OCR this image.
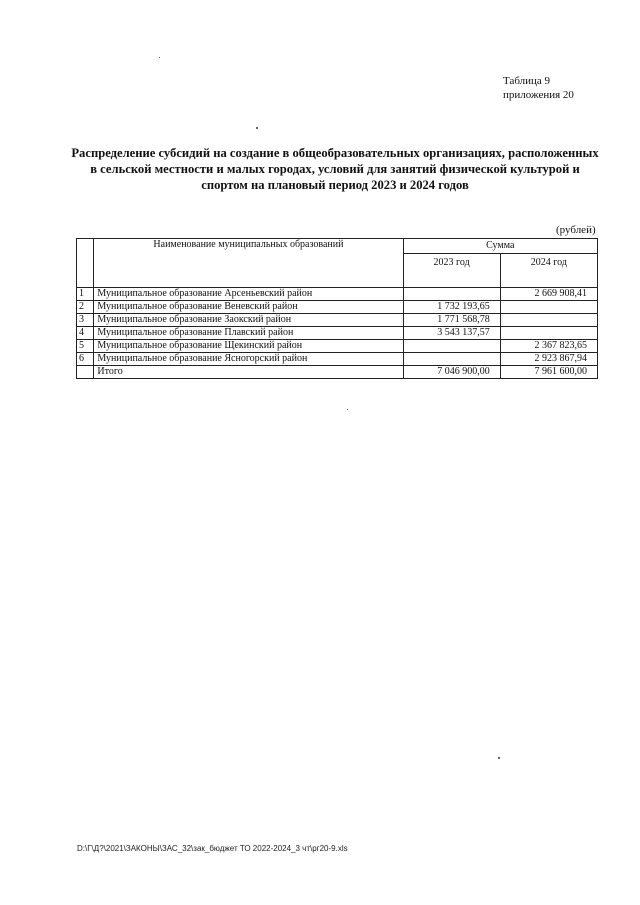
Таблица 9
приложения 20
Распределение субсидий на создание в общеобразовательных организациях, расположенных в сельской местности и малых городах, условий для занятий физической культурой и спортом на плановый период 2023 и 2024 годов
(рублей)
	Наименование муниципальных образований	Сумма	
		2023 год	2024 год
1	Муниципальное образование Арсеньевский район		2 669 908,41
2	Муниципальное образование Веневский район	1 732 193,65	
3	Муниципальное образование Заокский район	1 771 568,78	
4	Муниципальное образование Плавский район	3 543 137,57	
5	Муниципальное образование Щекинский район		2 367 823,65
6	Муниципальное образование Ясногорский район		2 923 867,94
	Итого	7 046 900,00	7 961 600,00
D:\Г\Д?\2021\ЗАКОНЫ\ЗАС_32\зак_бюджет ТО 2022-2024_3 чт\рг20-9.xls
